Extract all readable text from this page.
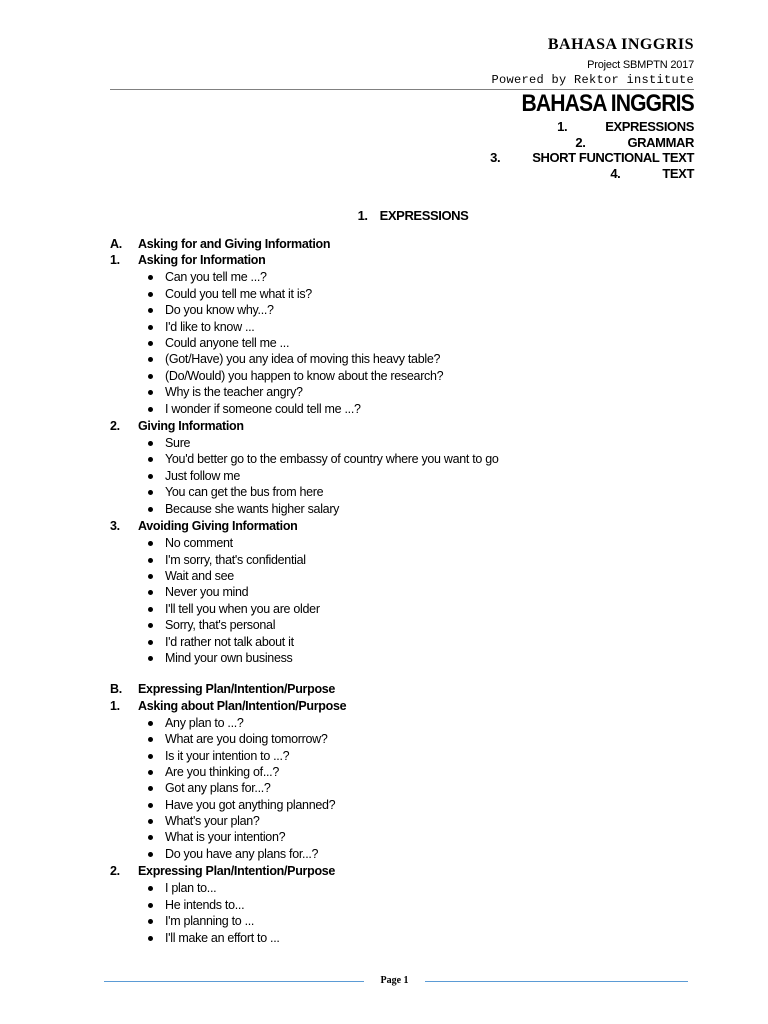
BAHASA INGGRIS
Project SBMPTN 2017
Powered by Rektor institute
BAHASA INGGRIS
1.	EXPRESSIONS
2.	GRAMMAR
3. SHORT FUNCTIONAL TEXT
4.	TEXT
1. EXPRESSIONS
A. Asking for and Giving Information
1. Asking for Information
Can you tell me ...?
Could you tell me what it is?
Do you know why...?
I'd like to know ...
Could anyone tell me ...
(Got/Have) you any idea of moving this heavy table?
(Do/Would) you happen to know about the research?
Why is the teacher angry?
I wonder if someone could tell me ...?
2. Giving Information
Sure
You'd better go to the embassy of country where you want to go
Just follow me
You can get the bus from here
Because she wants higher salary
3. Avoiding Giving Information
No comment
I'm sorry, that's confidential
Wait and see
Never you mind
I'll tell you when you are older
Sorry, that's personal
I'd rather not talk about it
Mind your own business
B. Expressing Plan/Intention/Purpose
1. Asking about Plan/Intention/Purpose
Any plan to ...?
What are you doing tomorrow?
Is it your intention to ...?
Are you thinking of...?
Got any plans for...?
Have you got anything planned?
What's your plan?
What is your intention?
Do you have any plans for...?
2. Expressing Plan/Intention/Purpose
I plan to...
He intends to...
I'm planning to ...
I'll make an effort to ...
Page 1
